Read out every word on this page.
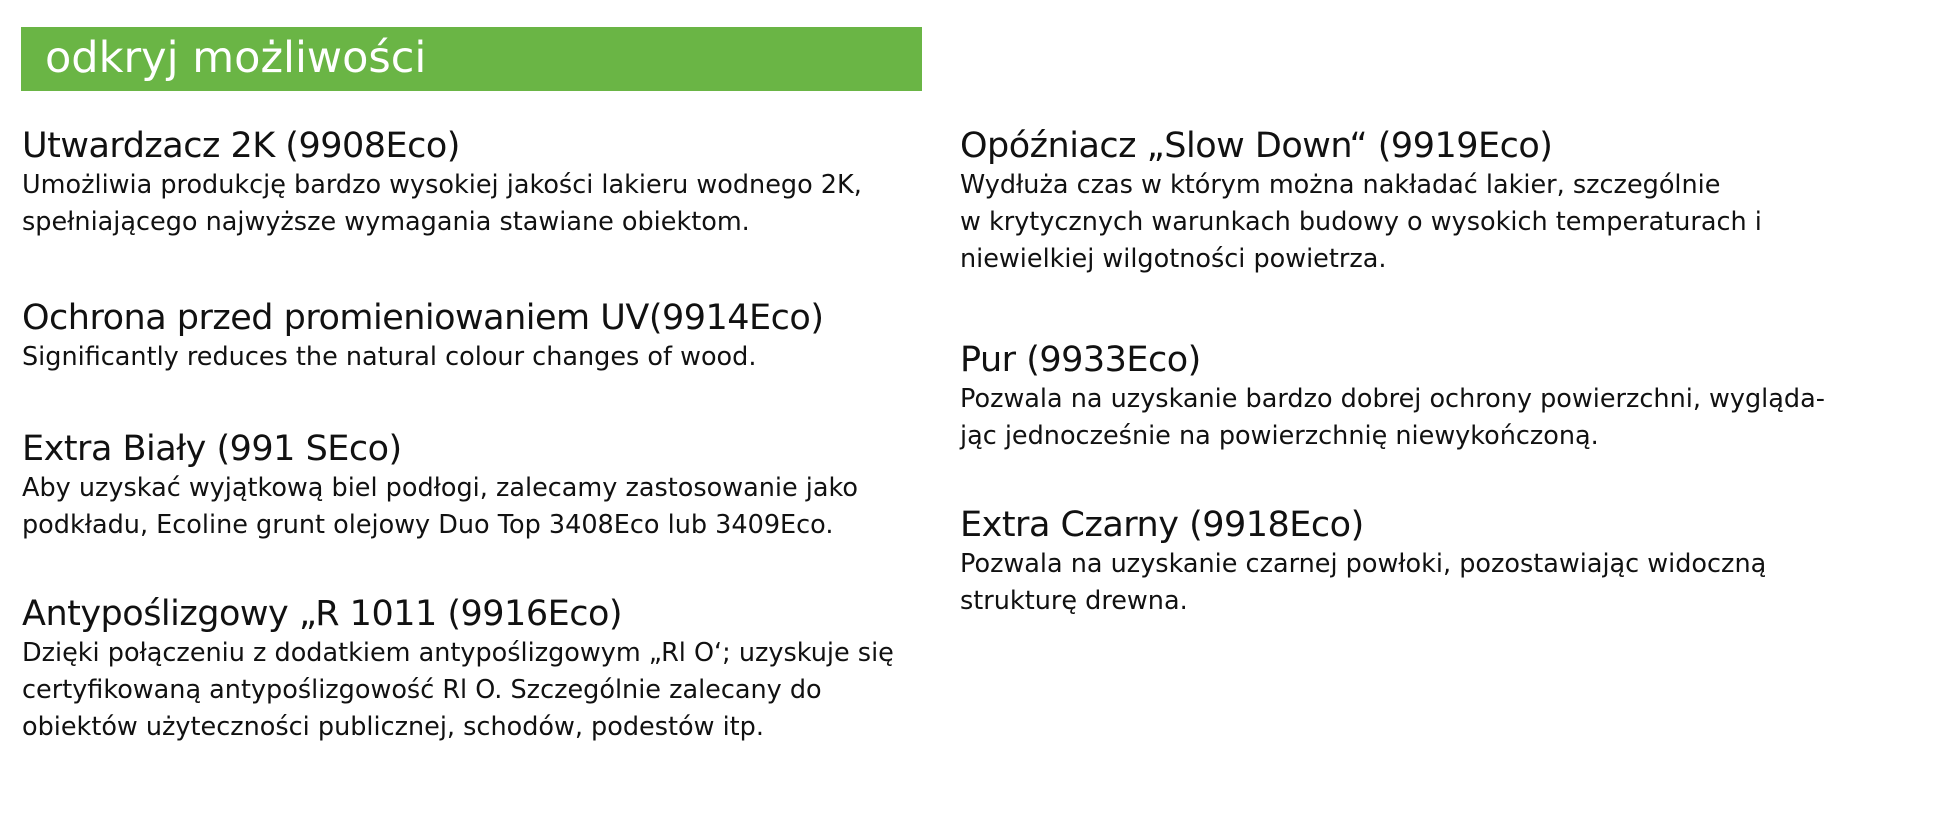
odkryj możliwości
Utwardzacz 2K (9908Eco)
Umożliwia produkcję bardzo wysokiej jakości lakieru wodnego 2K,
spełniającego najwyższe wymagania stawiane obiektom.
Ochrona przed promieniowaniem UV(9914Eco)
Significantly reduces the natural colour changes of wood.
Extra Biały (991 SEco)
Aby uzyskać wyjątkową biel podłogi, zalecamy zastosowanie jako
podkładu, Ecoline grunt olejowy Duo Top 3408Eco lub 3409Eco.
Antypoślizgowy „R 1011 (9916Eco)
Dzięki połączeniu z dodatkiem antypoślizgowym „Rl O‘; uzyskuje się
certyfikowaną antypoślizgowość Rl O. Szczególnie zalecany do
obiektów użyteczności publicznej, schodów, podestów itp.
Opóźniacz „Slow Down“ (9919Eco)
Wydłuża czas w którym można nakładać lakier, szczególnie
w krytycznych warunkach budowy o wysokich temperaturach i
niewielkiej wilgotności powietrza.
Pur (9933Eco)
Pozwala na uzyskanie bardzo dobrej ochrony powierzchni, wygląda-
jąc jednocześnie na powierzchnię niewykończoną.
Extra Czarny (9918Eco)
Pozwala na uzyskanie czarnej powłoki, pozostawiając widoczną
strukturę drewna.
